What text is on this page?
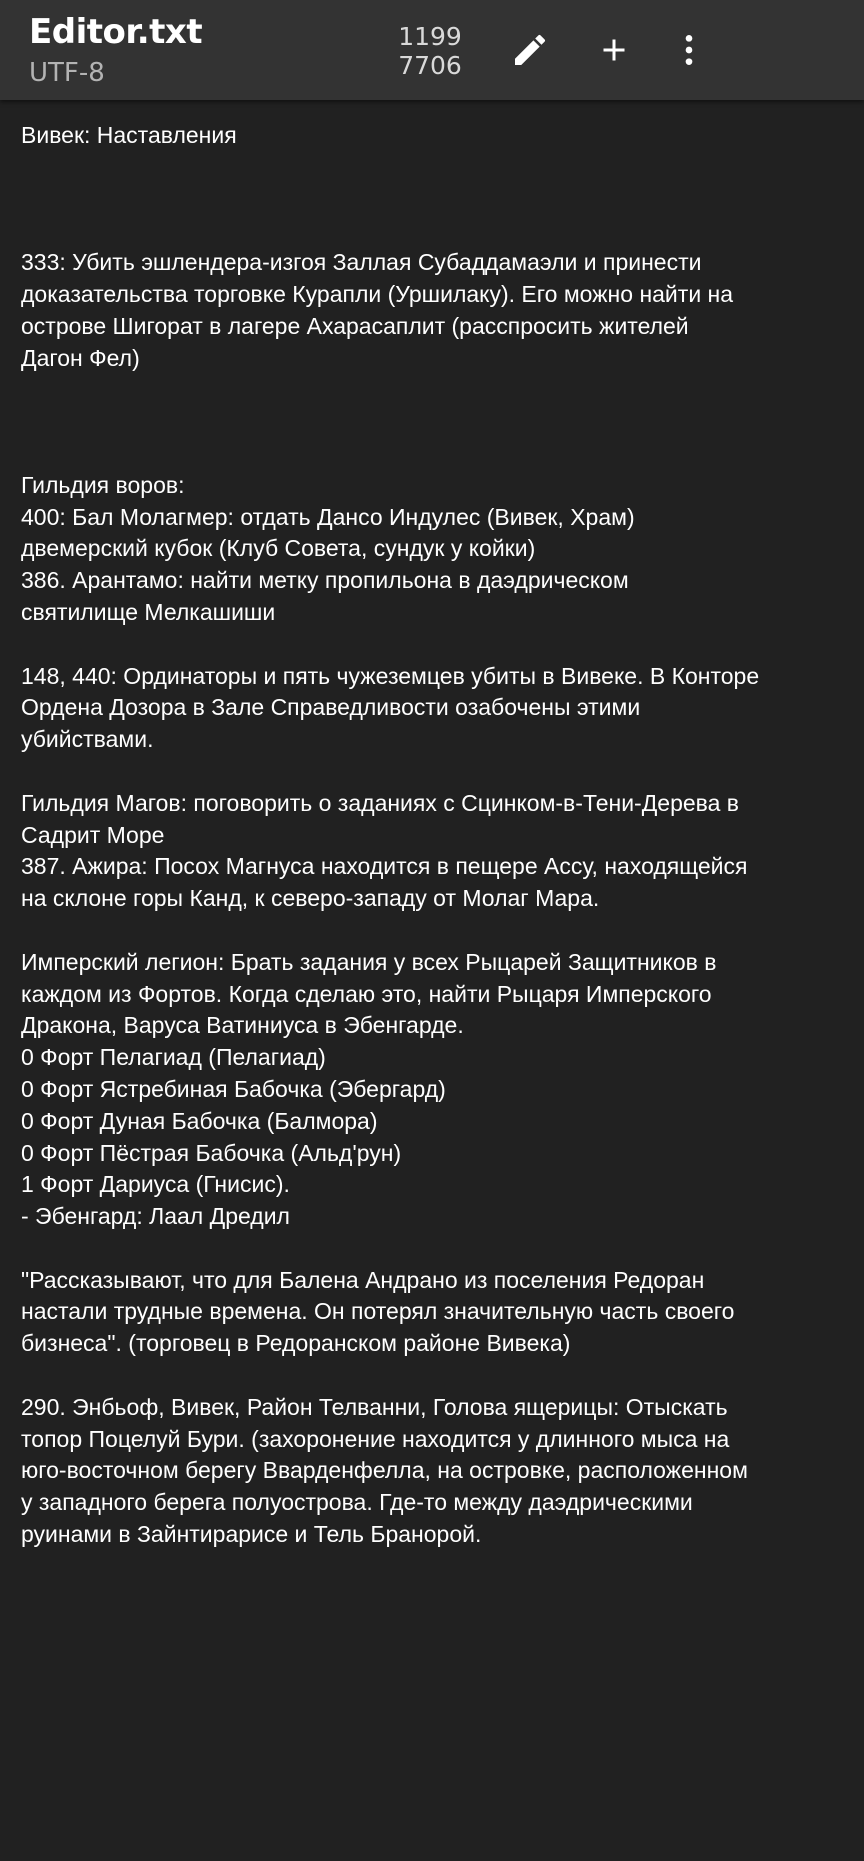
Editor.txt
UTF-8
1199
7706
Вивек: Наставления

333: Убить эшлендера-изгоя Заллая Субаддамаэли и принести
доказательства торговке Курапли (Уршилаку). Его можно найти на
острове Шигорат в лагере Ахарасаплит (расспросить жителей
Дагон Фел)

Гильдия воров:
400: Бал Молагмер: отдать Дансо Индулес (Вивек, Храм)
двемерский кубок (Клуб Совета, сундук у койки)
386. Арантамо: найти метку пропильона в даэдрическом
святилище Мелкашиши

148, 440: Ординаторы и пять чужеземцев убиты в Вивеке. В Конторе
Ордена Дозора в Зале Справедливости озабочены этими
убийствами.

Гильдия Магов: поговорить о заданиях с Сцинком-в-Тени-Дерева в
Садрит Море
387. Ажира: Посох Магнуса находится в пещере Ассу, находящейся
на склоне горы Канд, к северо-западу от Молаг Мара.

Имперский легион: Брать задания у всех Рыцарей Защитников в
каждом из Фортов. Когда сделаю это, найти Рыцаря Имперского
Дракона, Варуса Ватиниуса в Эбенгарде.
0 Форт Пелагиад (Пелагиад)
0 Форт Ястребиная Бабочка (Эбергард)
0 Форт Дуная Бабочка (Балмора)
0 Форт Пёстрая Бабочка (Альд'рун)
1 Форт Дариуса (Гнисис).
- Эбенгард: Лаал Дредил

"Рассказывают, что для Балена Андрано из поселения Редоран
настали трудные времена. Он потерял значительную часть своего
бизнеса". (торговец в Редоранском районе Вивека)

290. Энбьоф, Вивек, Район Телванни, Голова ящерицы: Отыскать
топор Поцелуй Бури. (захоронение находится у длинного мыса на
юго-восточном берегу Вварденфелла, на островке, расположенном
у западного берега полуострова. Где-то между даэдрическими
руинами в Зайнтирарисе и Тель Бранорой.
